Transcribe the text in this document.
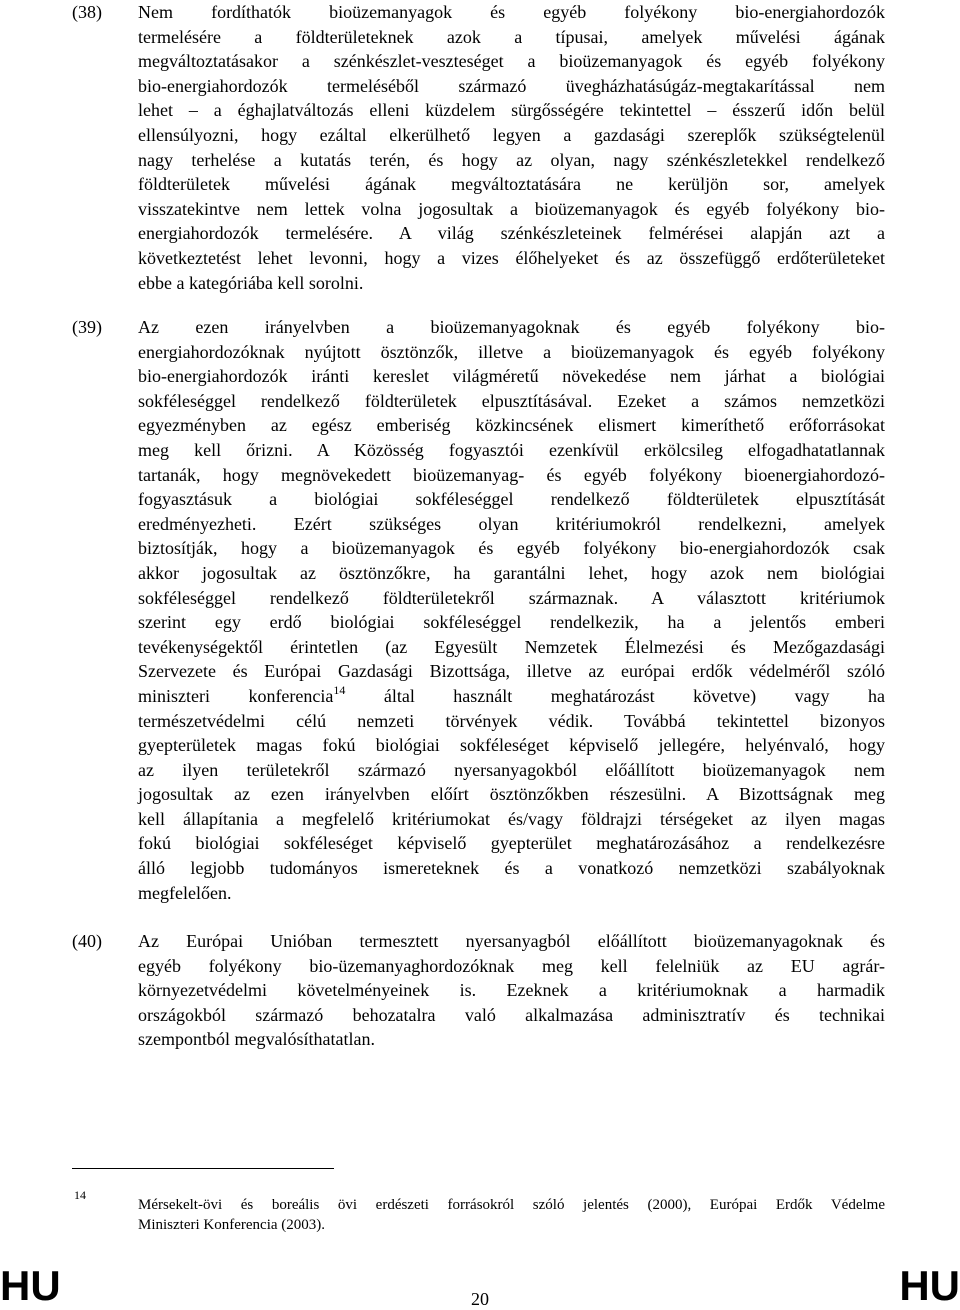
(38) Nem fordíthatók bioüzemanyagok és egyéb folyékony bio-energiahordozók
termelésére a földterületeknek azok a típusai, amelyek művelési ágának
megváltoztatásakor a szénkészlet-veszteséget a bioüzemanyagok és egyéb folyékony
bio-energiahordozók termeléséből származó üvegházhatásúgáz-megtakarítással nem
lehet – a éghajlatváltozás elleni küzdelem sürgősségére tekintettel – ésszerű időn belül
ellensúlyozni, hogy ezáltal elkerülhető legyen a gazdasági szereplők szükségtelenül
nagy terhelése a kutatás terén, és hogy az olyan, nagy szénkészletekkel rendelkező
földterületek művelési ágának megváltoztatására ne kerüljön sor, amelyek
visszatekintve nem lettek volna jogosultak a bioüzemanyagok és egyéb folyékony bio-
energiahordozók termelésére. A világ szénkészleteinek felmérései alapján azt a
következtetést lehet levonni, hogy a vizes élőhelyeket és az összefüggő erdőterületeket
ebbe a kategóriába kell sorolni.
(39) Az ezen irányelvben a bioüzemanyagoknak és egyéb folyékony bio-
energiahordozóknak nyújtott ösztönzők, illetve a bioüzemanyagok és egyéb folyékony
bio-energiahordozók iránti kereslet világméretű növekedése nem járhat a biológiai
sokféleséggel rendelkező földterületek elpusztításával. Ezeket a számos nemzetközi
egyezményben az egész emberiség közkincsének elismert kimeríthető erőforrásokat
meg kell őrizni. A Közösség fogyasztói ezenkívül erkölcsileg elfogadhatatlannak
tartanák, hogy megnövekedett bioüzemanyag- és egyéb folyékony bioenergiahordozó-
fogyasztásuk a biológiai sokféleséggel rendelkező földterületek elpusztítását
eredményezheti. Ezért szükséges olyan kritériumokról rendelkezni, amelyek
biztosítják, hogy a bioüzemanyagok és egyéb folyékony bio-energiahordozók csak
akkor jogosultak az ösztönzőkre, ha garantálni lehet, hogy azok nem biológiai
sokféleséggel rendelkező földterületekről származnak. A választott kritériumok
szerint egy erdő biológiai sokféleséggel rendelkezik, ha a jelentős emberi
tevékenységektől érintetlen (az Egyesült Nemzetek Élelmezési és Mezőgazdasági
Szervezete és Európai Gazdasági Bizottsága, illetve az európai erdők védelméről szóló
miniszteri konferencia$^{14}$ által használt meghatározást követve) vagy ha
természetvédelmi célú nemzeti törvények védik. Továbbá tekintettel bizonyos
gyepterületek magas fokú biológiai sokféleséget képviselő jellegére, helyénvaló, hogy
az ilyen területekről származó nyersanyagokból előállított bioüzemanyagok nem
jogosultak az ezen irányelvben előírt ösztönzőkben részesülni. A Bizottságnak meg
kell állapítania a megfelelő kritériumokat és/vagy földrajzi térségeket az ilyen magas
fokú biológiai sokféleséget képviselő gyepterület meghatározásához a rendelkezésre
álló legjobb tudományos ismereteknek és a vonatkozó nemzetközi szabályoknak
megfelelően.
(40) Az Európai Unióban termesztett nyersanyagból előállított bioüzemanyagoknak és
egyéb folyékony bio-üzemanyaghordozóknak meg kell felelniük az EU agrár-
környezetvédelmi követelményeinek is. Ezeknek a kritériumoknak a harmadik
országokból származó behozatalra való alkalmazása adminisztratív és technikai
szempontból megvalósíthatatlan.
14
Mérsekelt-övi és boreális övi erdészeti forrásokról szóló jelentés (2000), Európai Erdők Védelme
Miniszteri Konferencia (2003).
HU	20	HU
